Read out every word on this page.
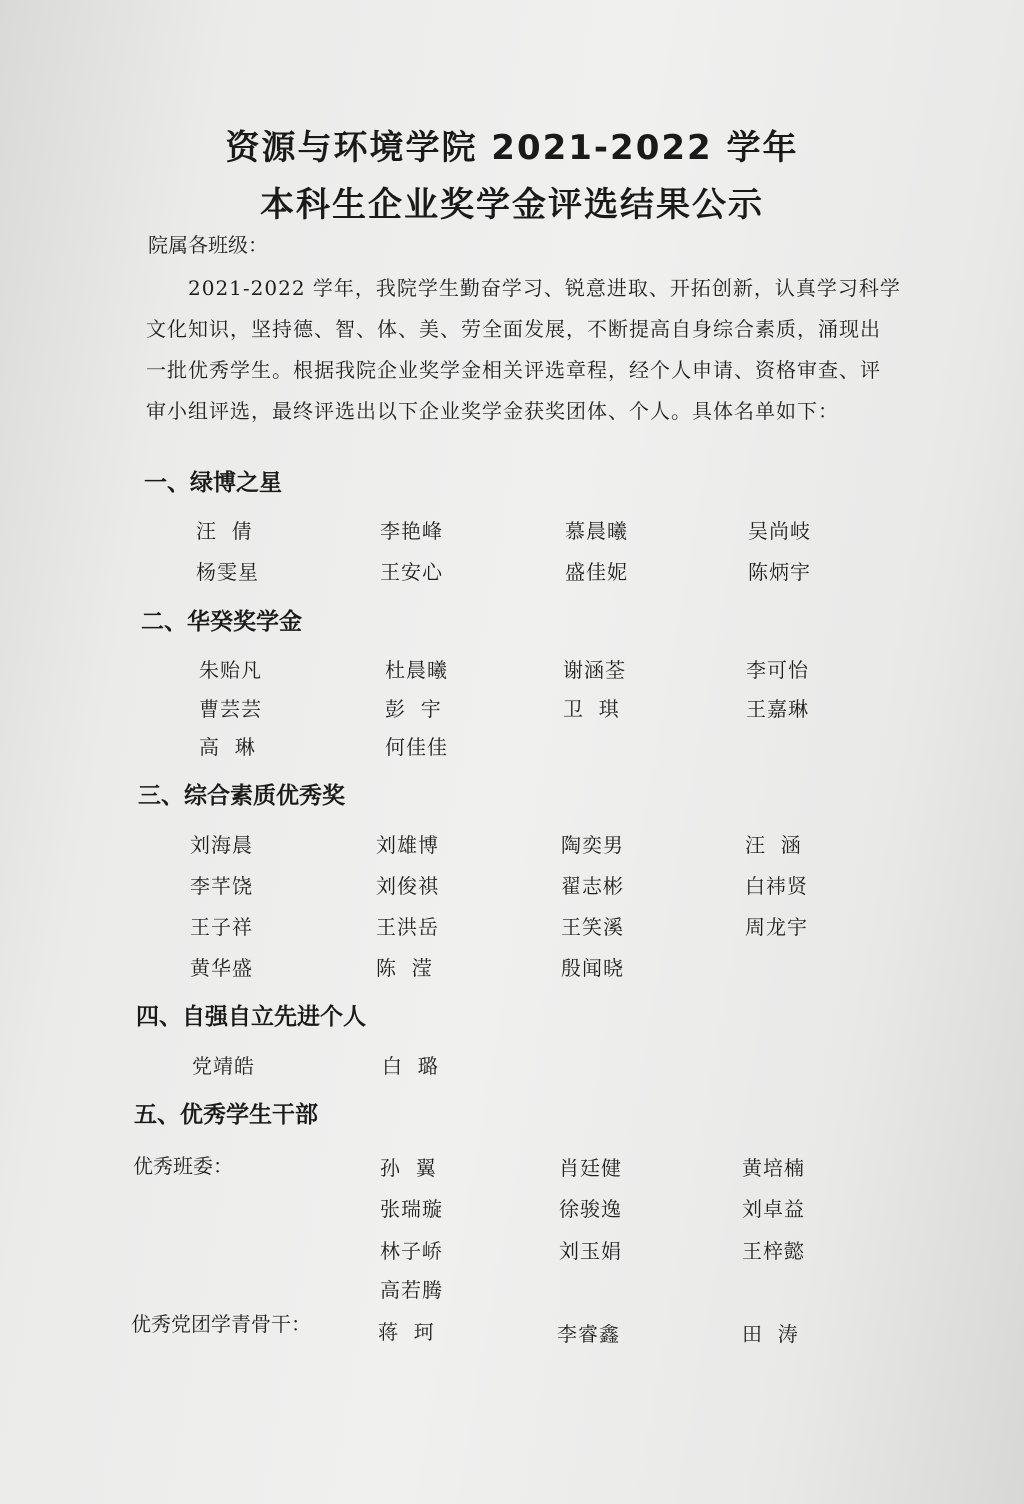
资源与环境学院 2021-2022 学年
本科生企业奖学金评选结果公示
院属各班级：
2021-2022 学年，我院学生勤奋学习、锐意进取、开拓创新，认真学习科学
文化知识，坚持德、智、体、美、劳全面发展，不断提高自身综合素质，涌现出
一批优秀学生。根据我院企业奖学金相关评选章程，经个人申请、资格审查、评
审小组评选，最终评选出以下企业奖学金获奖团体、个人。具体名单如下：
一、绿博之星
汪  倩	李艳峰	慕晨曦	吴尚岐
杨雯星	王安心	盛佳妮	陈炳宇
二、华癸奖学金
朱贻凡	杜晨曦	谢涵荃	李可怡
曹芸芸	彭  宇	卫  琪	王嘉琳
高  琳	何佳佳
三、综合素质优秀奖
刘海晨	刘雄博	陶奕男	汪  涵
李芊饶	刘俊祺	翟志彬	白祎贤
王子祥	王洪岳	王笑溪	周龙宇
黄华盛	陈  滢	殷闻晓
四、自强自立先进个人
党靖皓	白  璐
五、优秀学生干部
优秀班委：	孙  翼	肖廷健	黄培楠
张瑞璇	徐骏逸	刘卓益
林子峤	刘玉娟	王梓懿
高若腾
优秀党团学青骨干：	蒋  珂	李睿鑫	田  涛
